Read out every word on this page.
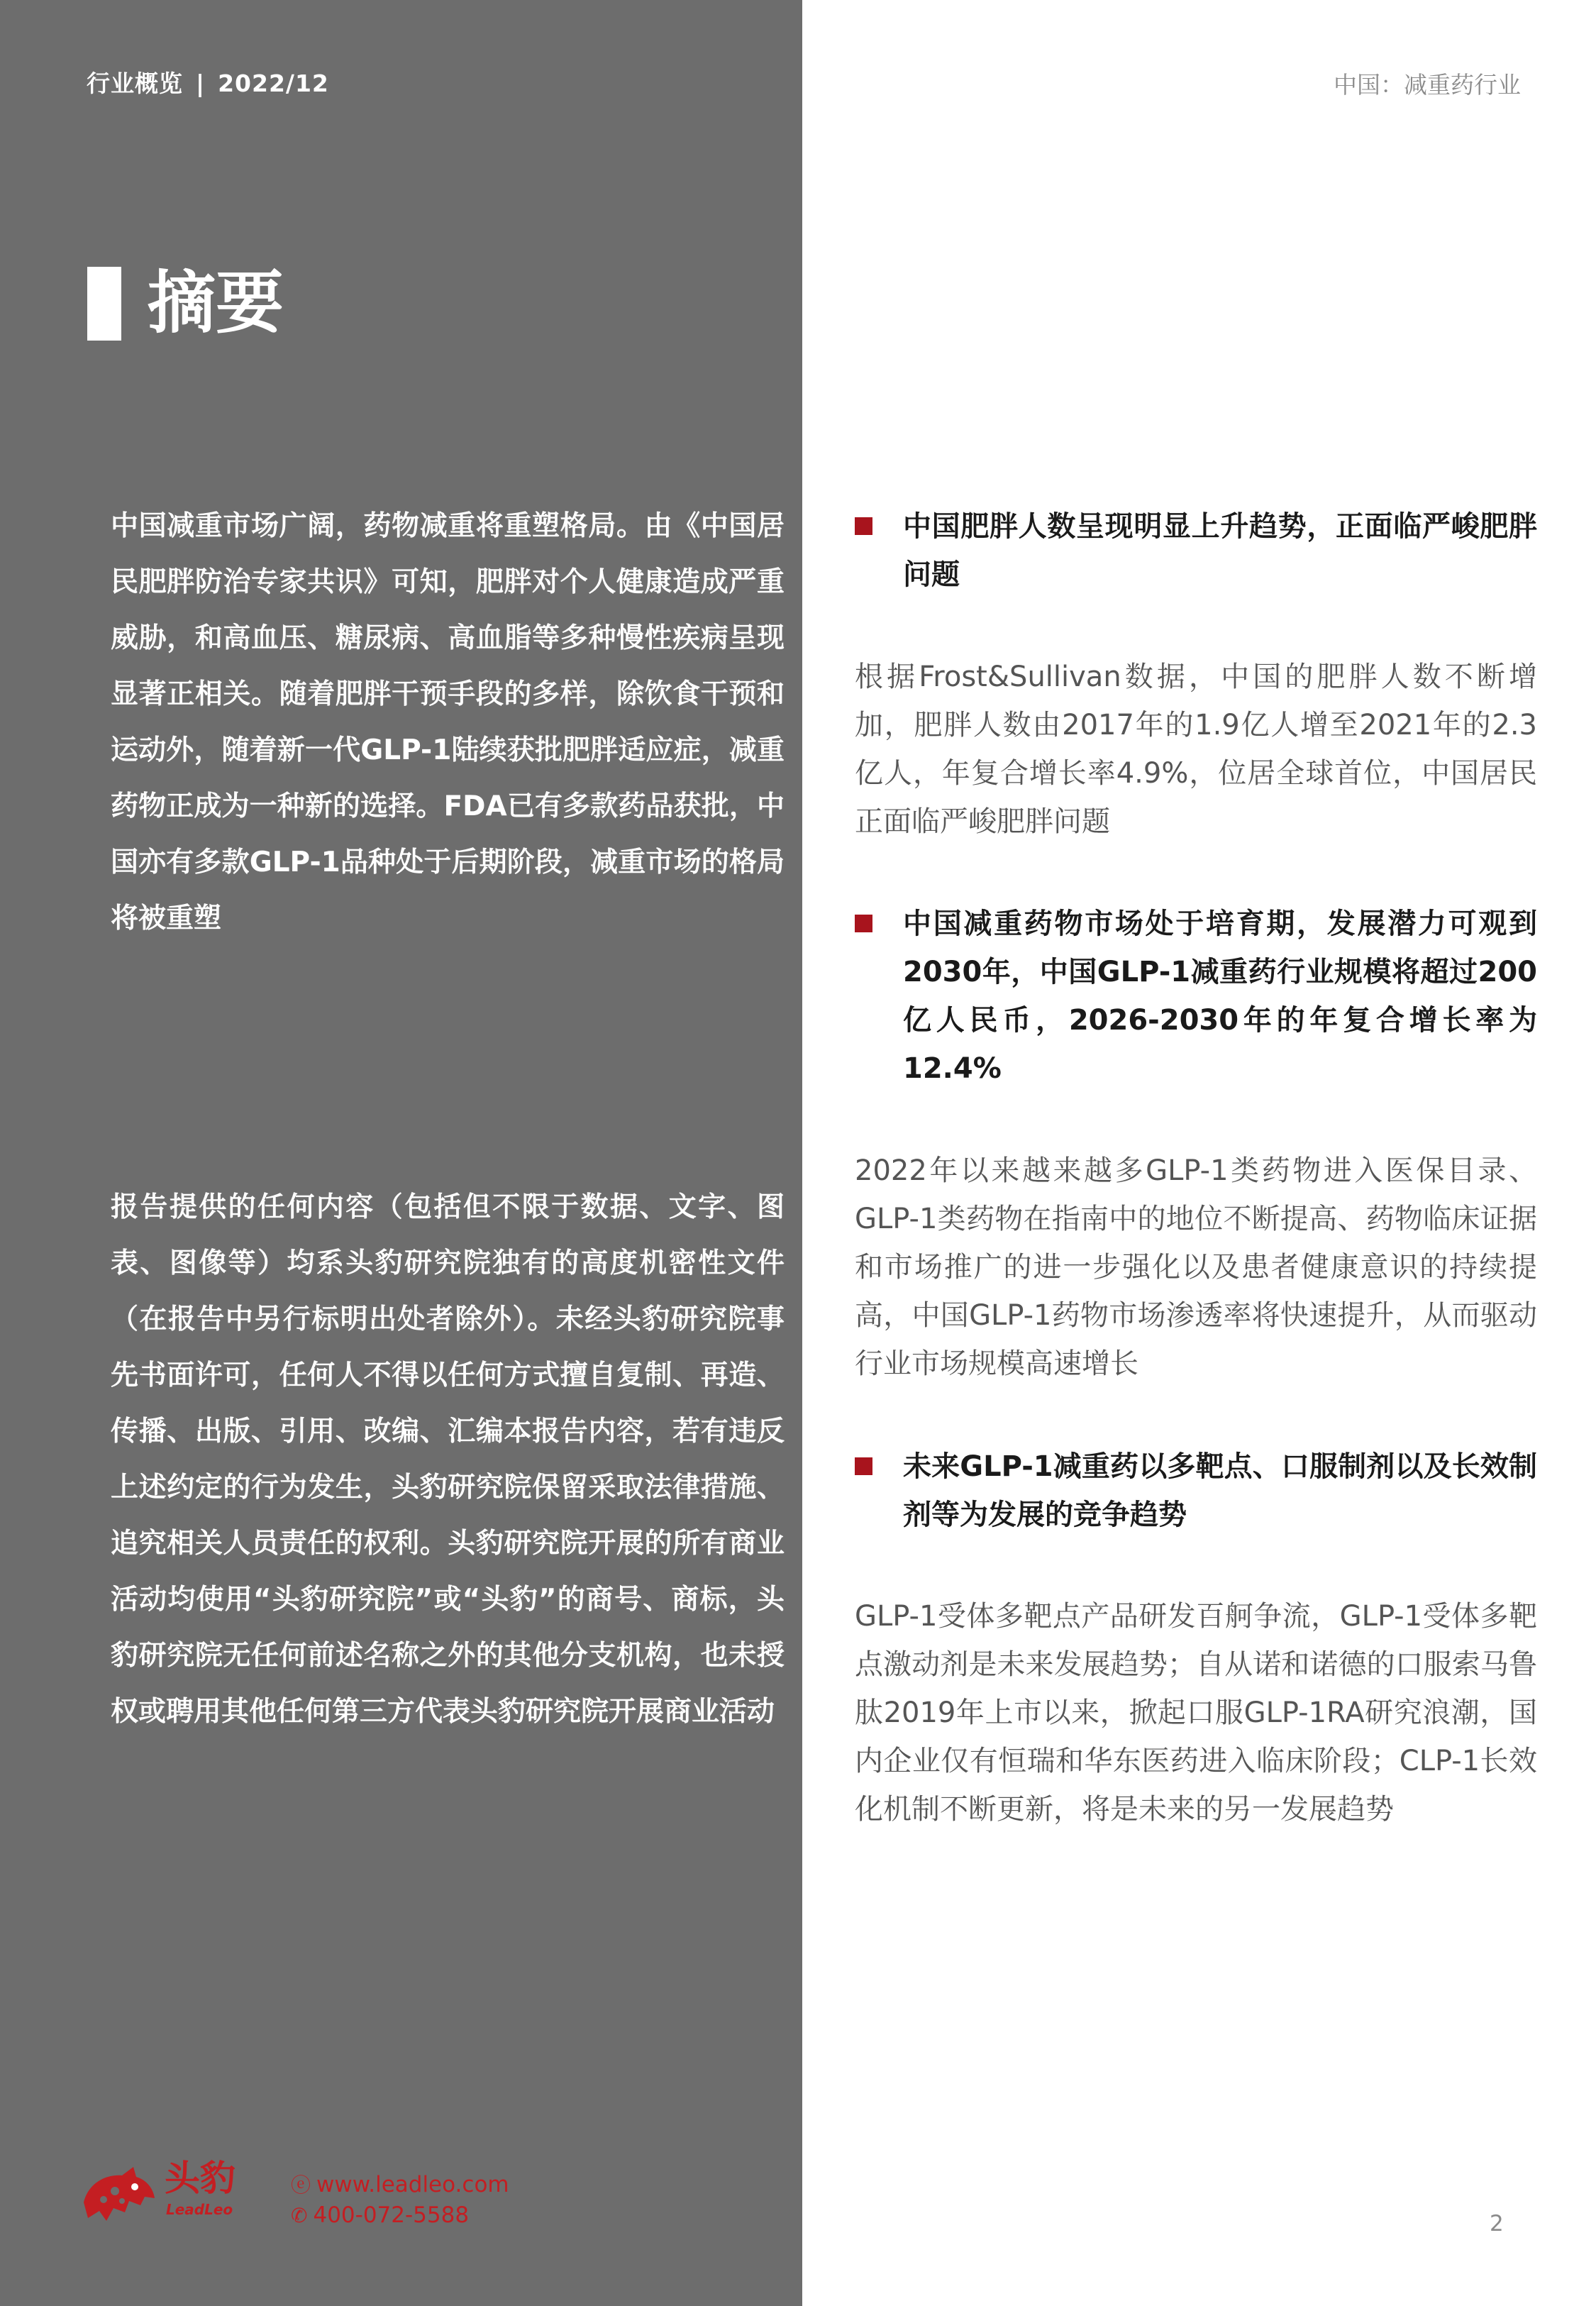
行业概览 | 2022/12	中国：减重药行业
摘要
中国减重市场广阔，药物减重将重塑格局。由《中国居民肥胖防治专家共识》可知，肥胖对个人健康造成严重威胁，和高血压、糖尿病、高血脂等多种慢性疾病呈现显著正相关。随着肥胖干预手段的多样，除饮食干预和运动外，随着新一代GLP-1陆续获批肥胖适应症，减重药物正成为一种新的选择。FDA已有多款药品获批，中国亦有多款GLP-1品种处于后期阶段，减重市场的格局将被重塑
报告提供的任何内容（包括但不限于数据、文字、图表、图像等）均系头豹研究院独有的高度机密性文件（在报告中另行标明出处者除外）。未经头豹研究院事先书面许可，任何人不得以任何方式擅自复制、再造、传播、出版、引用、改编、汇编本报告内容，若有违反上述约定的行为发生，头豹研究院保留采取法律措施、追究相关人员责任的权利。头豹研究院开展的所有商业活动均使用“头豹研究院”或“头豹”的商号、商标，头豹研究院无任何前述名称之外的其他分支机构，也未授权或聘用其他任何第三方代表头豹研究院开展商业活动
中国肥胖人数呈现明显上升趋势，正面临严峻肥胖问题
根据Frost&Sullivan数据，中国的肥胖人数不断增加，肥胖人数由2017年的1.9亿人增至2021年的2.3亿人，年复合增长率4.9%，位居全球首位，中国居民正面临严峻肥胖问题
中国减重药物市场处于培育期，发展潜力可观到2030年，中国GLP-1减重药行业规模将超过200亿人民币，2026-2030年的年复合增长率为12.4%
2022年以来越来越多GLP-1类药物进入医保目录、GLP-1类药物在指南中的地位不断提高、药物临床证据和市场推广的进一步强化以及患者健康意识的持续提高，中国GLP-1药物市场渗透率将快速提升，从而驱动行业市场规模高速增长
未来GLP-1减重药以多靶点、口服制剂以及长效制剂等为发展的竞争趋势
GLP-1受体多靶点产品研发百舸争流，GLP-1受体多靶点激动剂是未来发展趋势；自从诺和诺德的口服索马鲁肽2019年上市以来，掀起口服GLP-1RA研究浪潮，国内企业仅有恒瑞和华东医药进入临床阶段；CLP-1长效化机制不断更新，将是未来的另一发展趋势
头豹
LeadLeo
ⓔ www.leadleo.com
✆ 400-072-5588	2
